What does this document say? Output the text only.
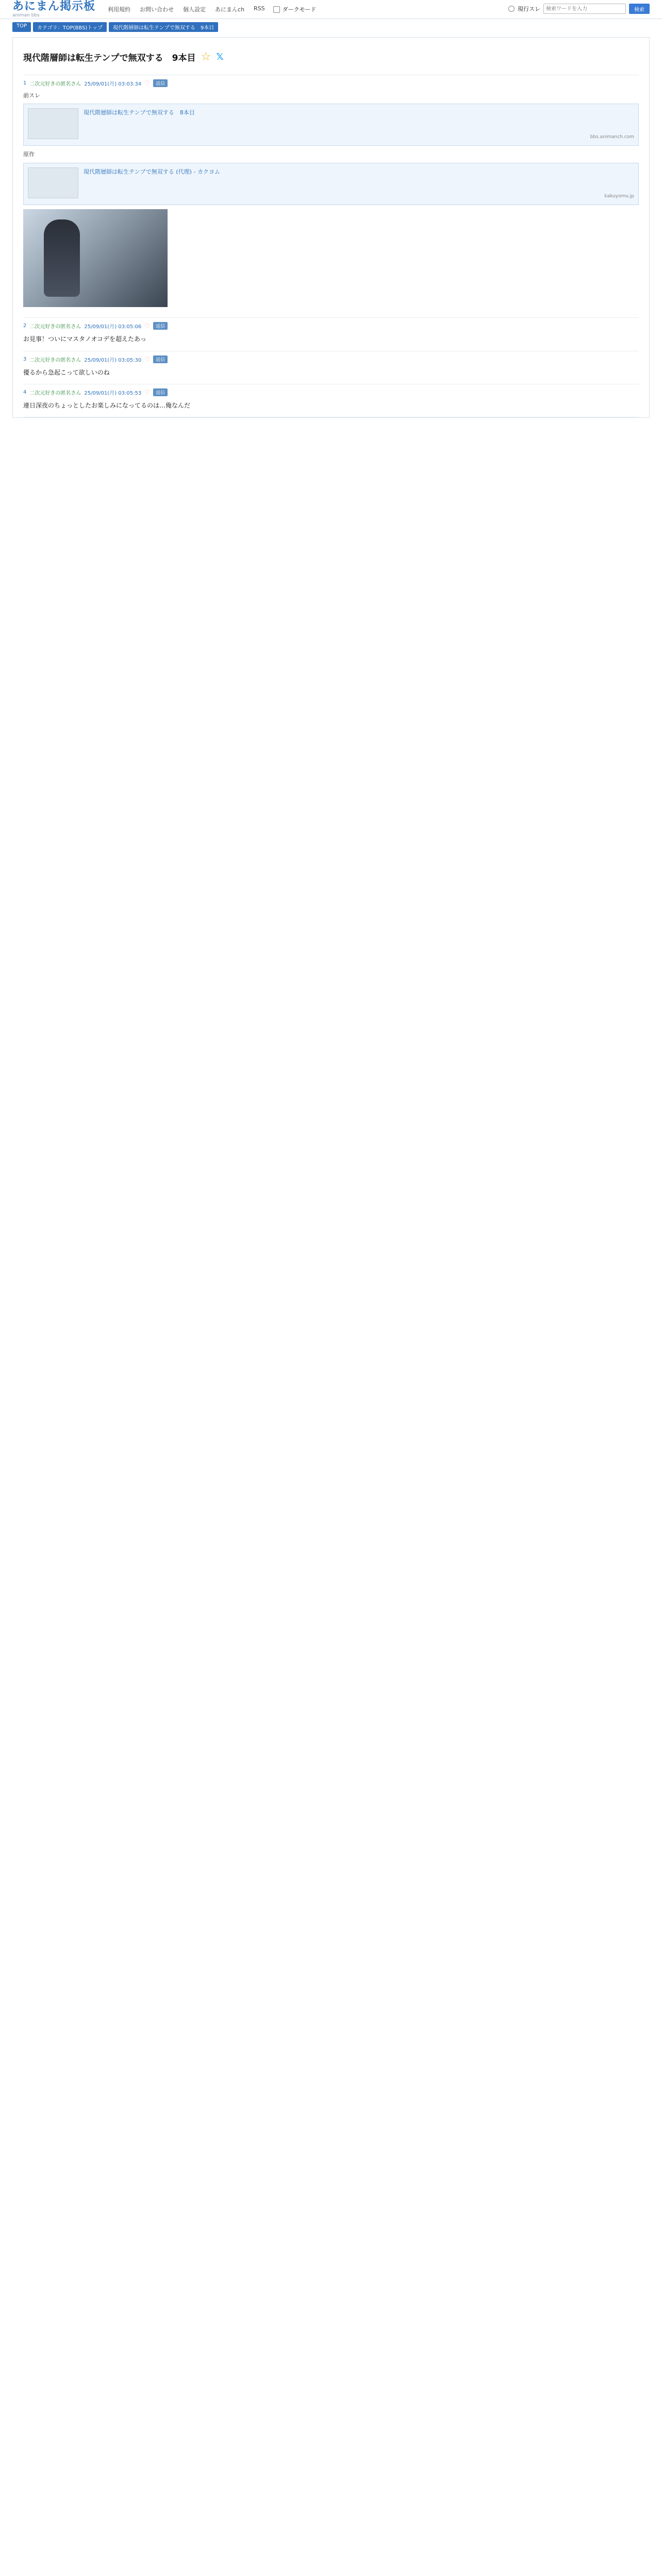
あにまん掲示板
animan bbs
利用規約 お問い合わせ 個人設定 あにまんch RSS	ダークモード	現行スレ
検索ワードを入力	検索
TOP	カテゴリ：TOP(BBS)トップ	現代階層師は転生テンプで無双する　9本目
現代階層師は転生テンプで無双する　9本目 ☆ 𝕏
1 二次元好きの匿名さん 25/09/01(月) 03:03:34 ♡	返信
前スレ
現代階層師は転生テンプで無双する　8本目
bbs.animanch.com
原作
現代階層師は転生テンプで無双する (代理) - カクヨム
kakuyomu.jp
2 二次元好きの匿名さん 25/09/01(月) 03:05:06 ♡	返信
お見事！ついにマスタノオコデを超えたあっ
3 二次元好きの匿名さん 25/09/01(月) 03:05:30 ♡	返信
優るから急起こって欲しいのね
4 二次元好きの匿名さん 25/09/01(月) 03:05:53 ♡	返信
連日深夜のちょっとしたお楽しみになってるのは…俺なんだ
